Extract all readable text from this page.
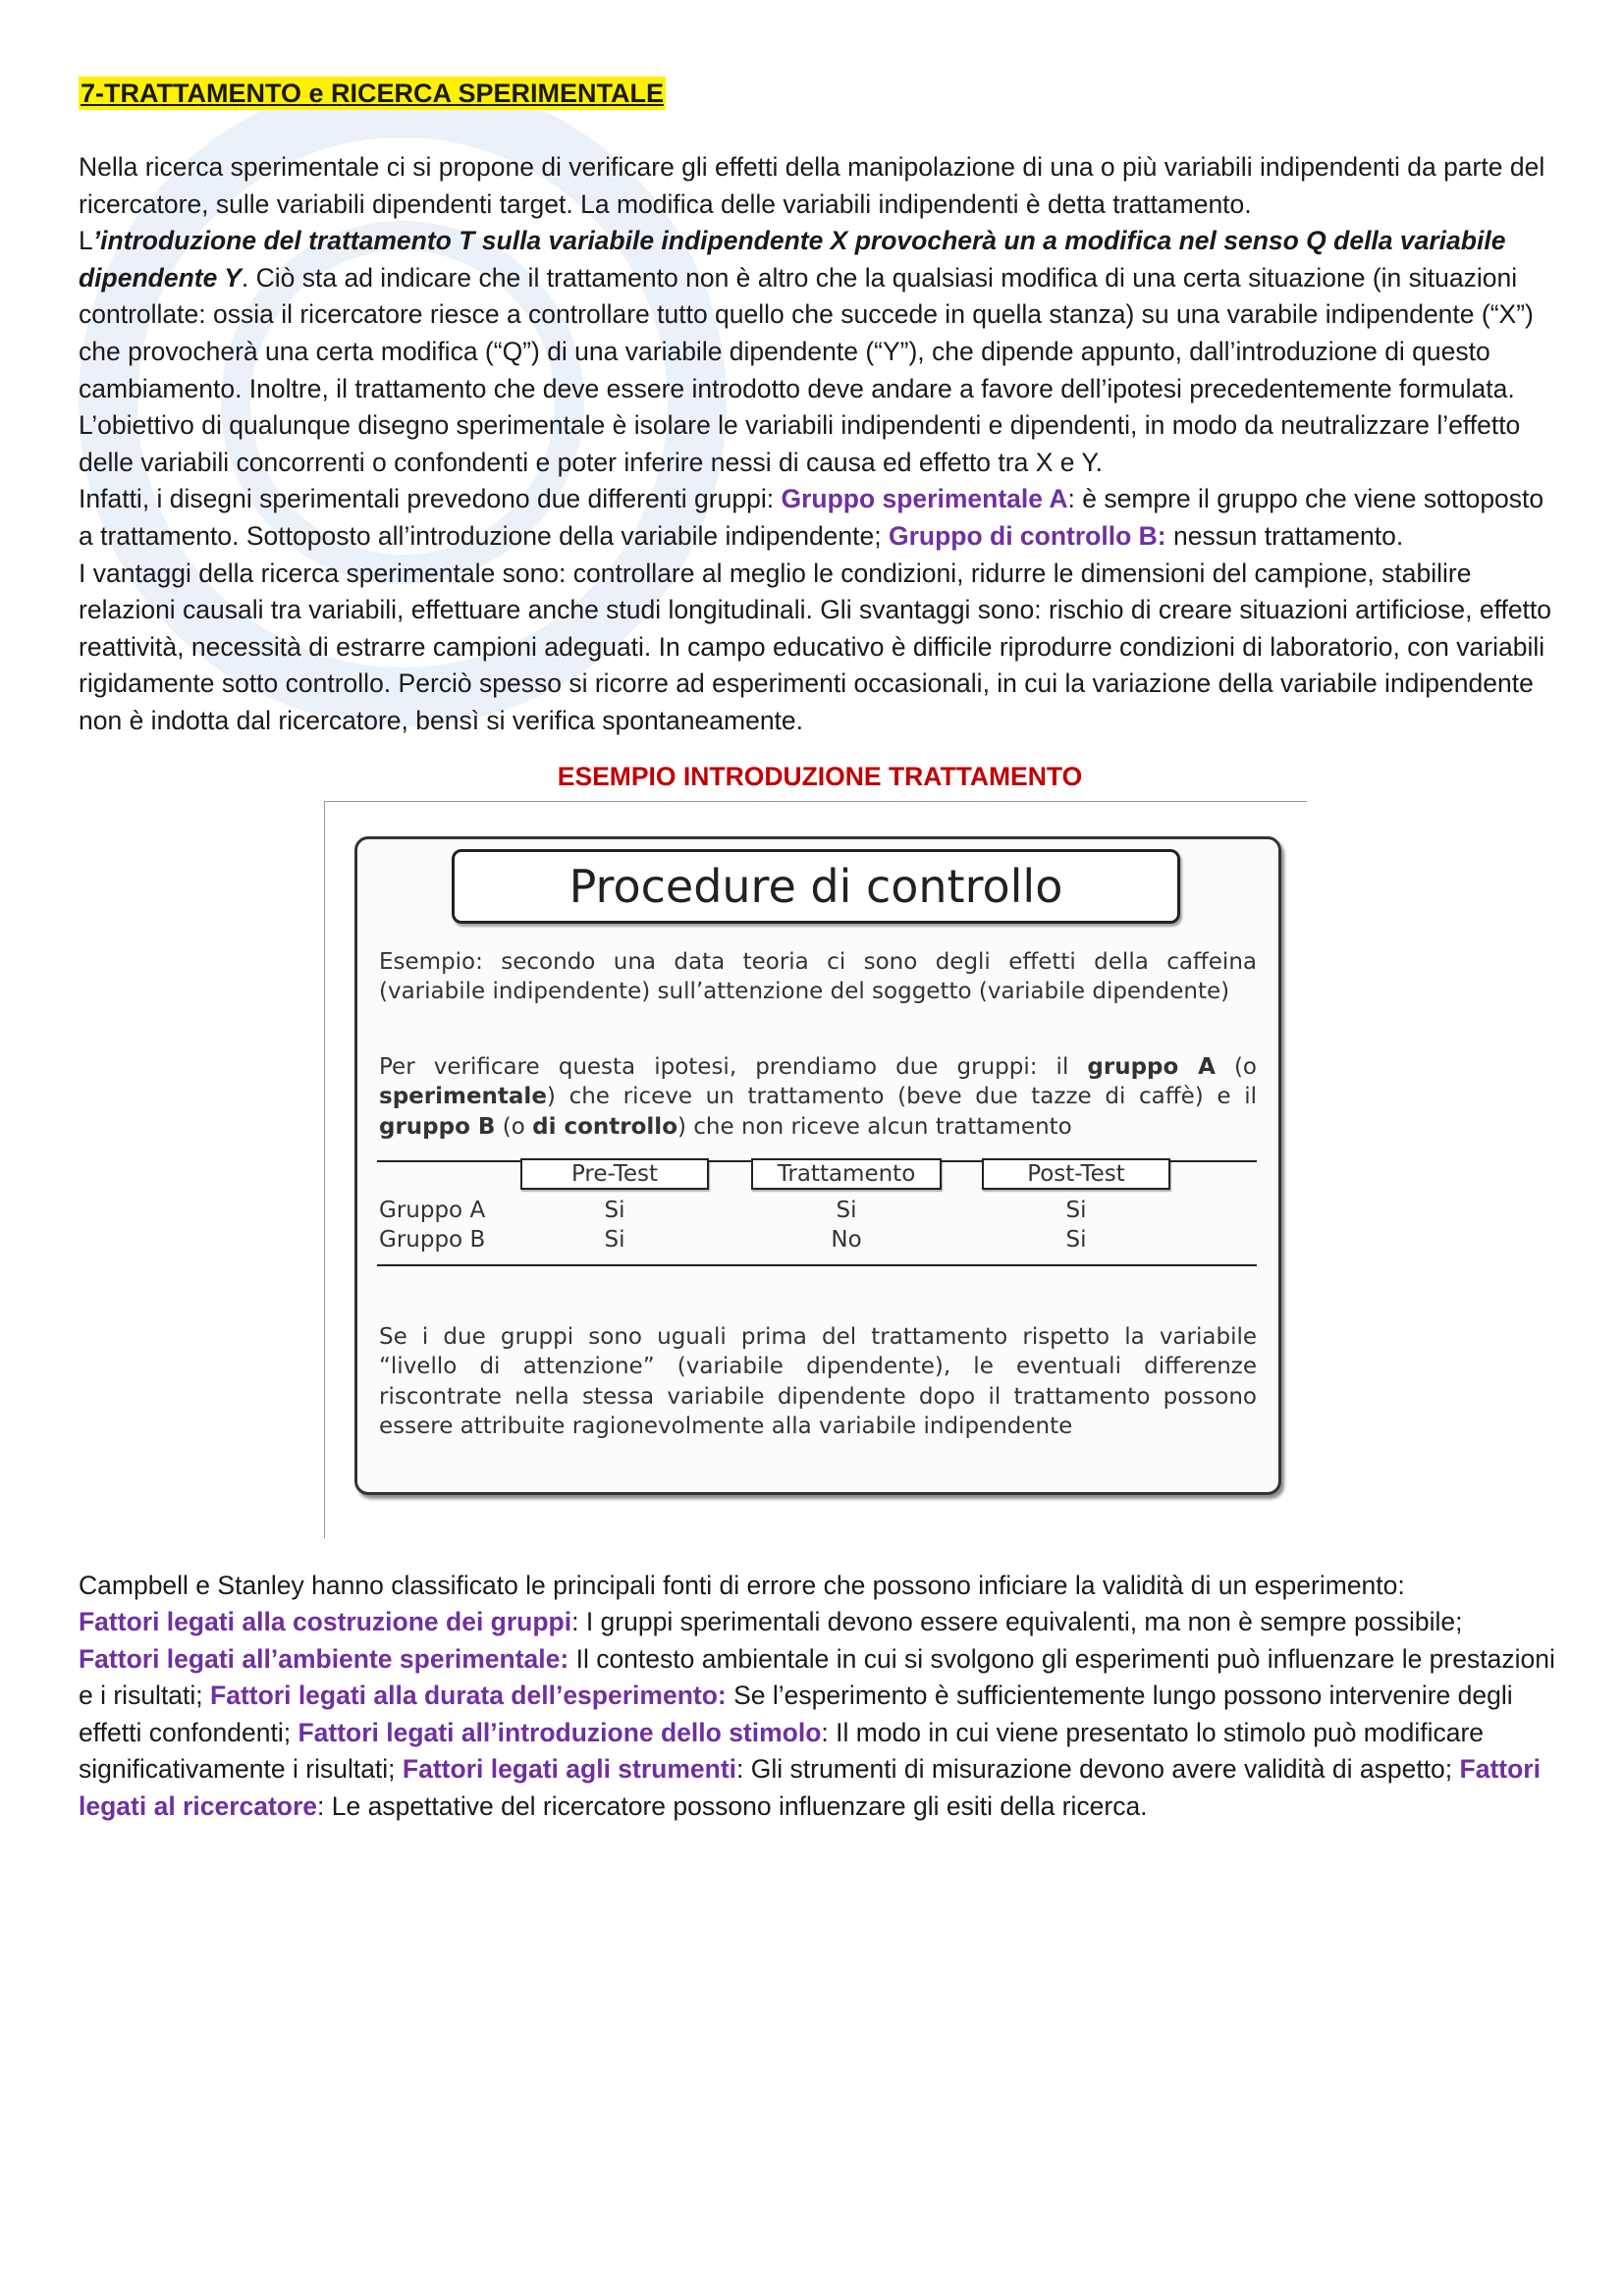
7-TRATTAMENTO e RICERCA SPERIMENTALE

Nella ricerca sperimentale ci si propone di verificare gli effetti della manipolazione di una o più variabili indipendenti da parte del ricercatore, sulle variabili dipendenti target. La modifica delle variabili indipendenti è detta trattamento.
L’introduzione del trattamento T sulla variabile indipendente X provocherà un a modifica nel senso Q della variabile dipendente Y. Ciò sta ad indicare che il trattamento non è altro che la qualsiasi modifica di una certa situazione (in situazioni controllate: ossia il ricercatore riesce a controllare tutto quello che succede in quella stanza) su una varabile indipendente (“X”) che provocherà una certa modifica (“Q”) di una variabile dipendente (“Y”), che dipende appunto, dall’introduzione di questo cambiamento. Inoltre, il trattamento che deve essere introdotto deve andare a favore dell’ipotesi precedentemente formulata.
L’obiettivo di qualunque disegno sperimentale è isolare le variabili indipendenti e dipendenti, in modo da neutralizzare l’effetto delle variabili concorrenti o confondenti e poter inferire nessi di causa ed effetto tra X e Y.
Infatti, i disegni sperimentali prevedono due differenti gruppi: Gruppo sperimentale A: è sempre il gruppo che viene sottoposto a trattamento. Sottoposto all’introduzione della variabile indipendente; Gruppo di controllo B: nessun trattamento.
I vantaggi della ricerca sperimentale sono: controllare al meglio le condizioni, ridurre le dimensioni del campione, stabilire relazioni causali tra variabili, effettuare anche studi longitudinali. Gli svantaggi sono: rischio di creare situazioni artificiose, effetto reattività, necessità di estrarre campioni adeguati. In campo educativo è difficile riprodurre condizioni di laboratorio, con variabili rigidamente sotto controllo. Perciò spesso si ricorre ad esperimenti occasionali, in cui la variazione della variabile indipendente non è indotta dal ricercatore, bensì si verifica spontaneamente.

ESEMPIO INTRODUZIONE TRATTAMENTO
Procedure di controllo

Esempio: secondo una data teoria ci sono degli effetti della caffeina (variabile indipendente) sull’attenzione del soggetto (variabile dipendente)

Per verificare questa ipotesi, prendiamo due gruppi: il gruppo A (o sperimentale) che riceve un trattamento (beve due tazze di caffè) e il gruppo B (o di controllo) che non riceve alcun trattamento

Pre-Test	Trattamento	Post-Test
Gruppo A	Si	Si	Si
Gruppo B	Si	No	Si

Se i due gruppi sono uguali prima del trattamento rispetto la variabile “livello di attenzione” (variabile dipendente), le eventuali differenze riscontrate nella stessa variabile dipendente dopo il trattamento possono essere attribuite ragionevolmente alla variabile indipendente

Campbell e Stanley hanno classificato le principali fonti di errore che possono inficiare la validità di un esperimento:
Fattori legati alla costruzione dei gruppi: I gruppi sperimentali devono essere equivalenti, ma non è sempre possibile;
Fattori legati all’ambiente sperimentale: Il contesto ambientale in cui si svolgono gli esperimenti può influenzare le prestazioni e i risultati; Fattori legati alla durata dell’esperimento: Se l’esperimento è sufficientemente lungo possono intervenire degli effetti confondenti; Fattori legati all’introduzione dello stimolo: Il modo in cui viene presentato lo stimolo può modificare significativamente i risultati; Fattori legati agli strumenti: Gli strumenti di misurazione devono avere validità di aspetto; Fattori legati al ricercatore: Le aspettative del ricercatore possono influenzare gli esiti della ricerca.
